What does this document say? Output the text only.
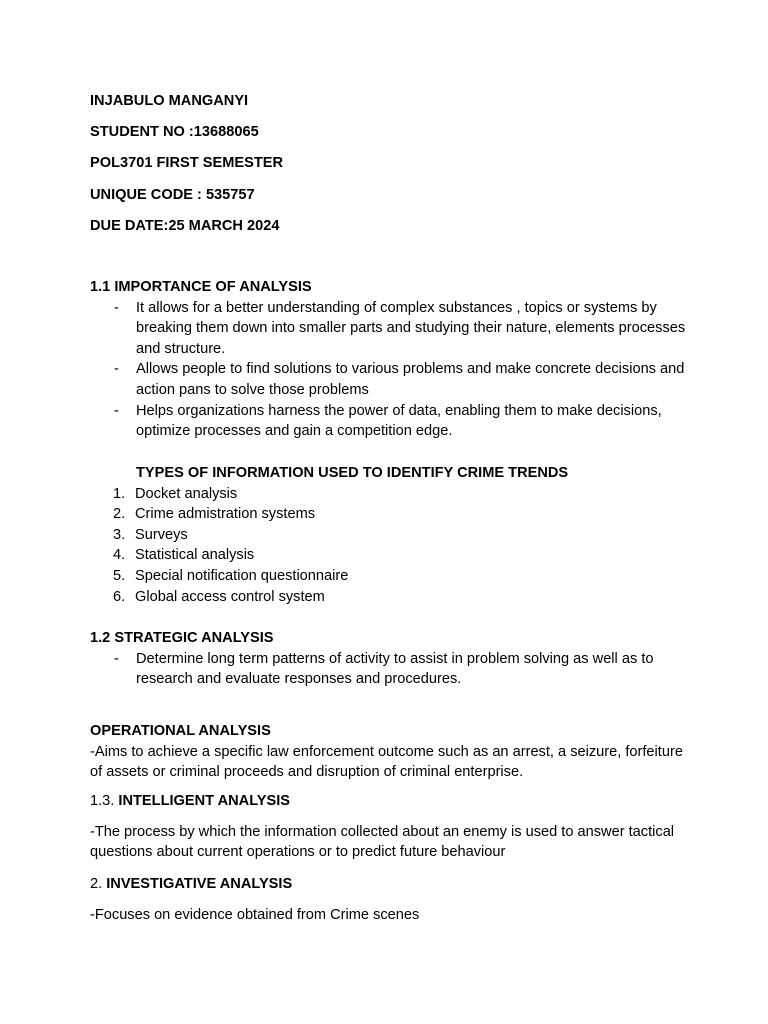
INJABULO MANGANYI

STUDENT NO :13688065

POL3701 FIRST SEMESTER

UNIQUE CODE : 535757

DUE DATE:25 MARCH 2024

1.1 IMPORTANCE OF ANALYSIS

- It allows for a better understanding of complex substances , topics or systems by breaking them down into smaller parts and studying their nature, elements processes and structure.
- Allows people to find solutions to various problems and make concrete decisions and action pans to solve those problems
- Helps organizations harness the power of data, enabling them to make decisions, optimize processes and gain a competition edge.

TYPES OF INFORMATION USED TO IDENTIFY CRIME TRENDS

1. Docket analysis
2. Crime admistration systems
3. Surveys
4. Statistical analysis
5. Special notification questionnaire
6. Global access control system

1.2 STRATEGIC ANALYSIS

- Determine long term patterns of activity to assist in problem solving as well as to research and evaluate responses and procedures.

OPERATIONAL ANALYSIS

-Aims to achieve a specific law enforcement outcome such as an arrest, a seizure, forfeiture of assets or criminal proceeds and disruption of criminal enterprise.

1.3. INTELLIGENT ANALYSIS

-The process by which the information collected about an enemy is used to answer tactical questions about current operations or to predict future behaviour

2. INVESTIGATIVE ANALYSIS

-Focuses on evidence obtained from Crime scenes
